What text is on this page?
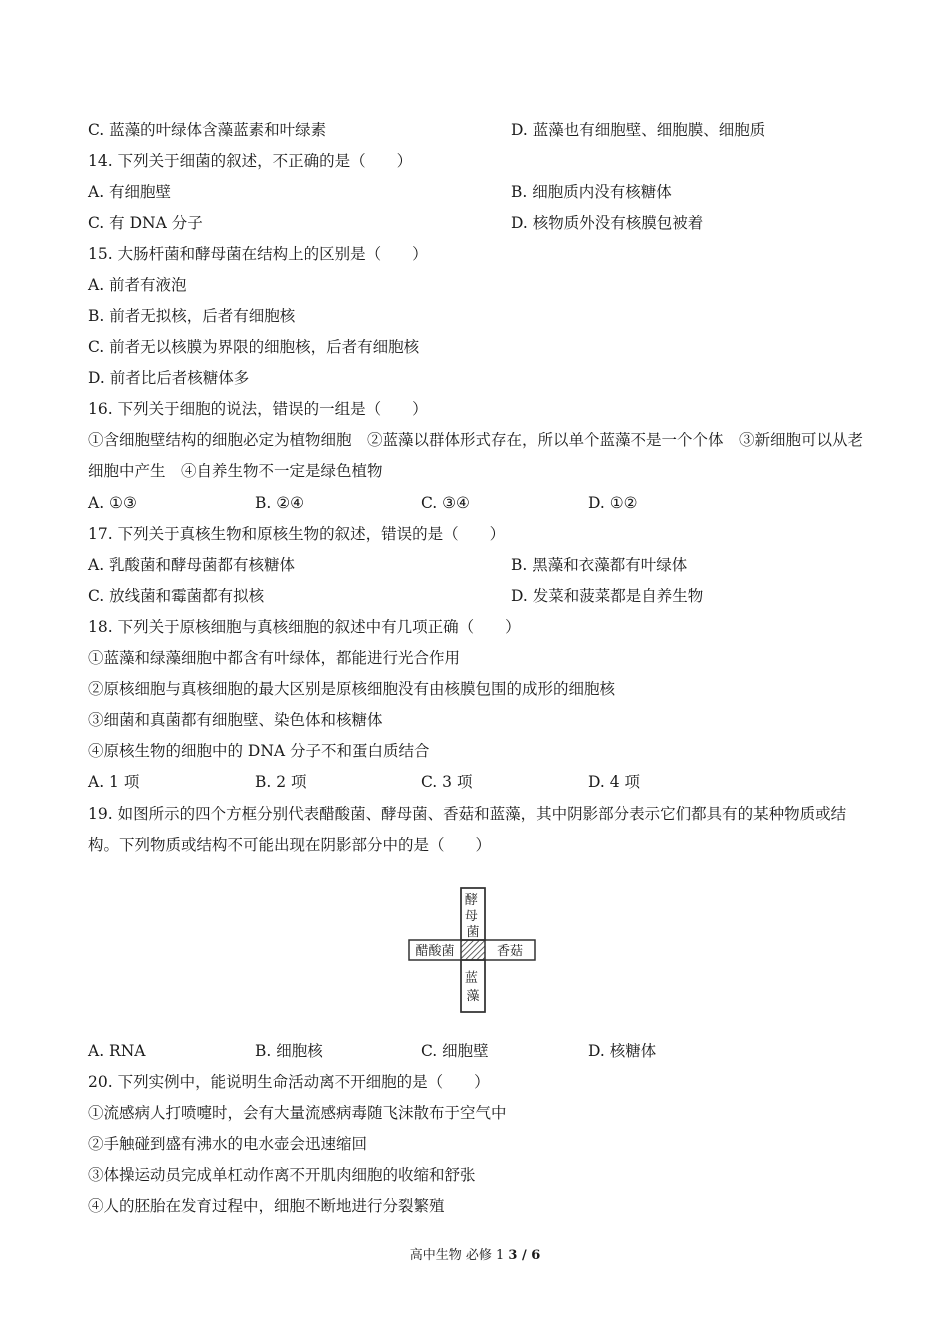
C. 蓝藻的叶绿体含藻蓝素和叶绿素	D. 蓝藻也有细胞壁、细胞膜、细胞质
14. 下列关于细菌的叙述，不正确的是（　　）
A. 有细胞壁	B. 细胞质内没有核糖体
C. 有 DNA 分子	D. 核物质外没有核膜包被着
15. 大肠杆菌和酵母菌在结构上的区别是（　　）
A. 前者有液泡
B. 前者无拟核，后者有细胞核
C. 前者无以核膜为界限的细胞核，后者有细胞核
D. 前者比后者核糖体多
16. 下列关于细胞的说法，错误的一组是（　　）
①含细胞壁结构的细胞必定为植物细胞　②蓝藻以群体形式存在，所以单个蓝藻不是一个个体　③新细胞可以从老细胞中产生　④自养生物不一定是绿色植物
A. ①③	B. ②④	C. ③④	D. ①②
17. 下列关于真核生物和原核生物的叙述，错误的是（　　）
A. 乳酸菌和酵母菌都有核糖体	B. 黑藻和衣藻都有叶绿体
C. 放线菌和霉菌都有拟核	D. 发菜和菠菜都是自养生物
18. 下列关于原核细胞与真核细胞的叙述中有几项正确（　　）
①蓝藻和绿藻细胞中都含有叶绿体，都能进行光合作用
②原核细胞与真核细胞的最大区别是原核细胞没有由核膜包围的成形的细胞核
③细菌和真菌都有细胞壁、染色体和核糖体
④原核生物的细胞中的 DNA 分子不和蛋白质结合
A. 1 项	B. 2 项	C. 3 项	D. 4 项
19. 如图所示的四个方框分别代表醋酸菌、酵母菌、香菇和蓝藻，其中阴影部分表示它们都具有的某种物质或结构。下列物质或结构不可能出现在阴影部分中的是（　　）
酵 母 菌
醋酸菌	香菇
蓝 藻
A. RNA	B. 细胞核	C. 细胞壁	D. 核糖体
20. 下列实例中，能说明生命活动离不开细胞的是（　　）
①流感病人打喷嚏时，会有大量流感病毒随飞沫散布于空气中
②手触碰到盛有沸水的电水壶会迅速缩回
③体操运动员完成单杠动作离不开肌肉细胞的收缩和舒张
④人的胚胎在发育过程中，细胞不断地进行分裂繁殖
高中生物 必修 1 3 / 6
